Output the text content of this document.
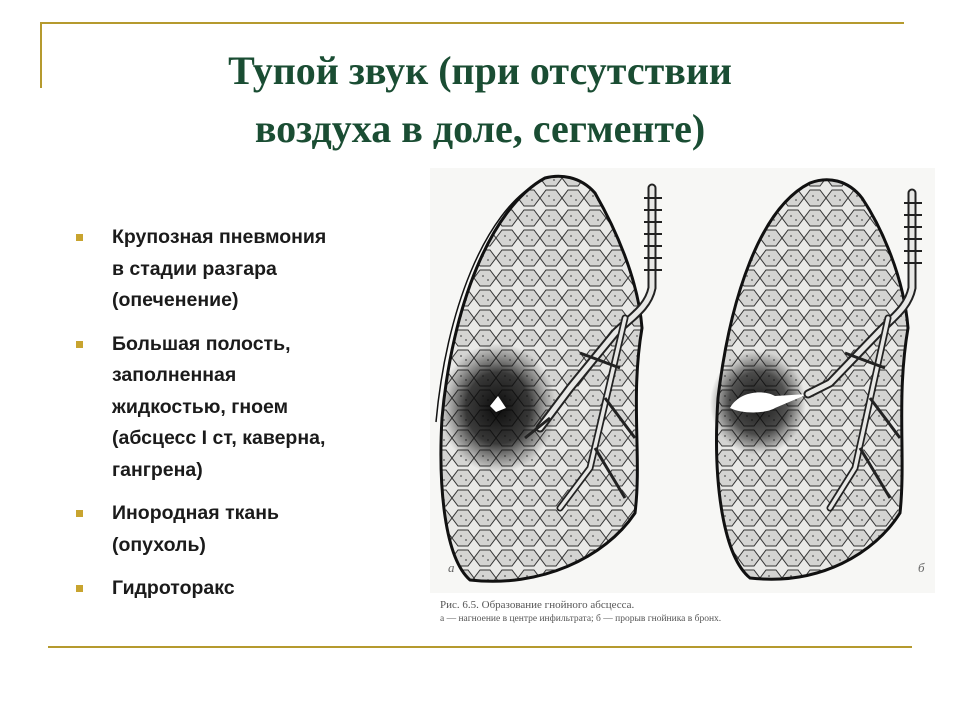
Тупой звук (при отсутствии
воздуха в доле, сегменте)
Крупозная пневмония
в стадии разгара
(опеченение)
Большая полость,
заполненная
жидкостью, гноем
(абсцесс I ст, каверна,
гангрена)
Инородная ткань
(опухоль)
Гидроторакс
а	б
Рис. 6.5. Образование гнойного абсцесса.
а — нагноение в центре инфильтрата; б — прорыв гнойника в бронх.
